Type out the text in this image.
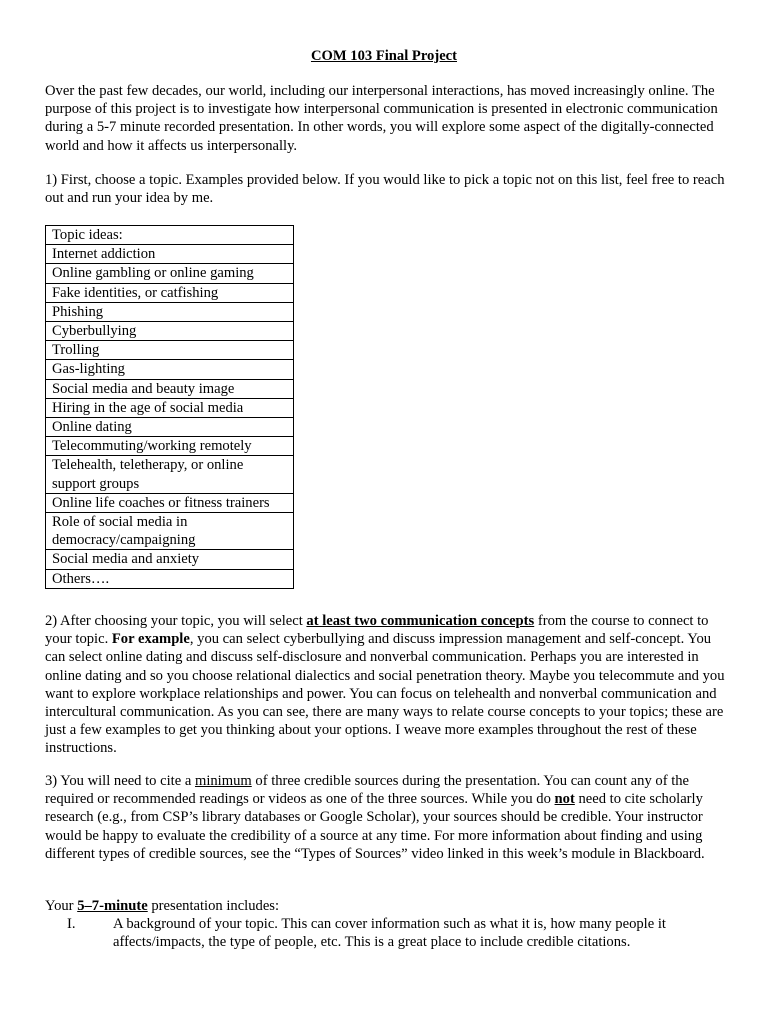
COM 103 Final Project

Over the past few decades, our world, including our interpersonal interactions, has moved increasingly online. The purpose of this project is to investigate how interpersonal communication is presented in electronic communication during a 5-7 minute recorded presentation. In other words, you will explore some aspect of the digitally-connected world and how it affects us interpersonally.

1) First, choose a topic. Examples provided below. If you would like to pick a topic not on this list, feel free to reach out and run your idea by me.

Topic ideas:
Internet addiction
Online gambling or online gaming
Fake identities, or catfishing
Phishing
Cyberbullying
Trolling
Gas-lighting
Social media and beauty image
Hiring in the age of social media
Online dating
Telecommuting/working remotely
Telehealth, teletherapy, or online support groups
Online life coaches or fitness trainers
Role of social media in democracy/campaigning
Social media and anxiety
Others….

2) After choosing your topic, you will select at least two communication concepts from the course to connect to your topic. For example, you can select cyberbullying and discuss impression management and self-concept. You can select online dating and discuss self-disclosure and nonverbal communication. Perhaps you are interested in online dating and so you choose relational dialectics and social penetration theory. Maybe you telecommute and you want to explore workplace relationships and power. You can focus on telehealth and nonverbal communication and intercultural communication. As you can see, there are many ways to relate course concepts to your topics; these are just a few examples to get you thinking about your options. I weave more examples throughout the rest of these instructions.

3) You will need to cite a minimum of three credible sources during the presentation. You can count any of the required or recommended readings or videos as one of the three sources. While you do not need to cite scholarly research (e.g., from CSP’s library databases or Google Scholar), your sources should be credible. Your instructor would be happy to evaluate the credibility of a source at any time. For more information about finding and using different types of credible sources, see the “Types of Sources” video linked in this week’s module in Blackboard.

Your 5–7-minute presentation includes:

I.	A background of your topic. This can cover information such as what it is, how many people it affects/impacts, the type of people, etc. This is a great place to include credible citations.
